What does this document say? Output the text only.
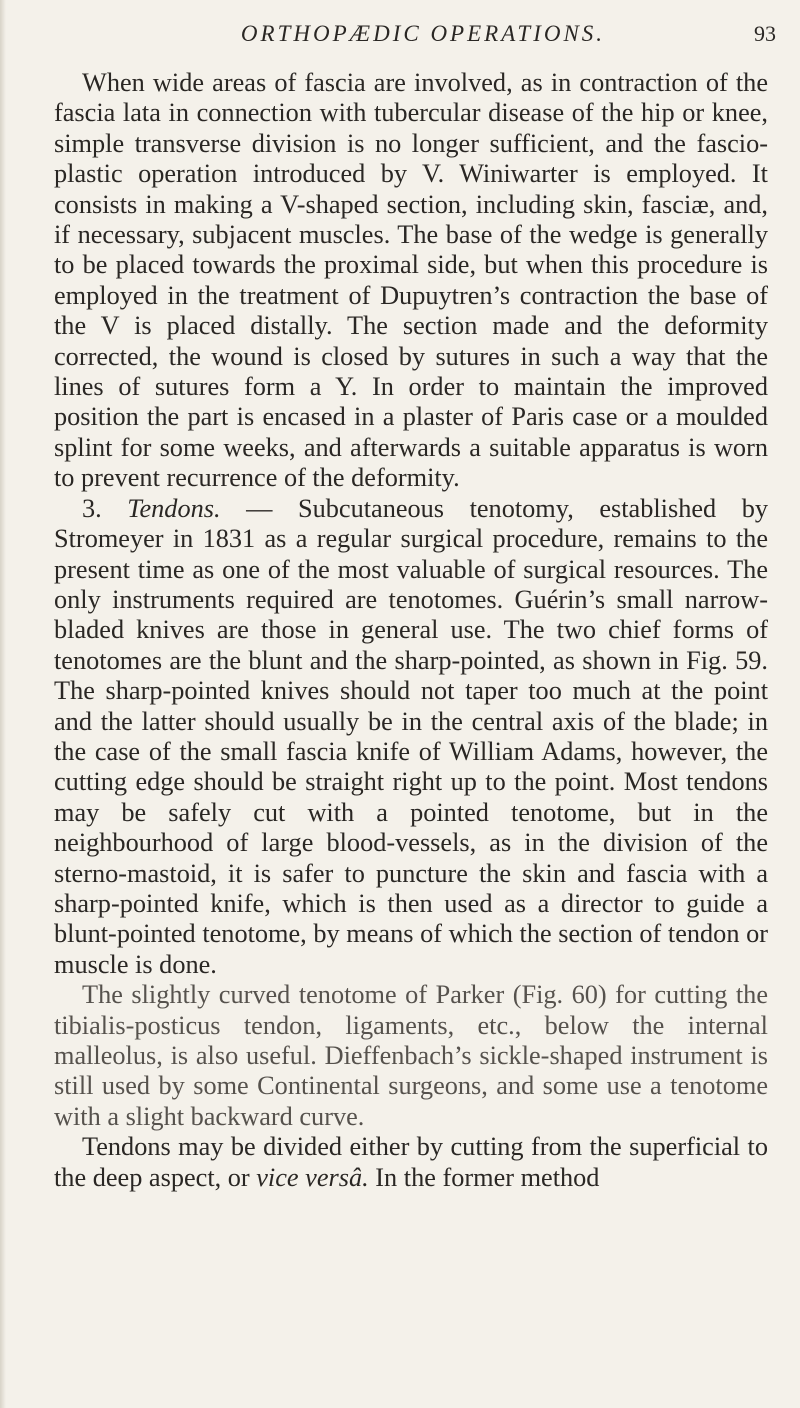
ORTHOPÆDIC OPERATIONS.	93

When wide areas of fascia are involved, as in contraction of the fascia lata in connection with tubercular disease of the hip or knee, simple transverse division is no longer sufficient, and the fascio-plastic operation introduced by V. Winiwarter is employed. It consists in making a V-shaped section, including skin, fasciæ, and, if necessary, subjacent muscles. The base of the wedge is generally to be placed towards the proximal side, but when this procedure is employed in the treatment of Dupuytren’s contraction the base of the V is placed distally. The section made and the deformity corrected, the wound is closed by sutures in such a way that the lines of sutures form a Y. In order to maintain the improved position the part is encased in a plaster of Paris case or a moulded splint for some weeks, and afterwards a suitable apparatus is worn to prevent recurrence of the deformity.

3. Tendons. — Subcutaneous tenotomy, established by Stromeyer in 1831 as a regular surgical procedure, remains to the present time as one of the most valuable of surgical resources. The only instruments required are tenotomes. Guérin’s small narrow-bladed knives are those in general use. The two chief forms of tenotomes are the blunt and the sharp-pointed, as shown in Fig. 59. The sharp-pointed knives should not taper too much at the point and the latter should usually be in the central axis of the blade; in the case of the small fascia knife of William Adams, however, the cutting edge should be straight right up to the point. Most tendons may be safely cut with a pointed tenotome, but in the neighbourhood of large blood-vessels, as in the division of the sterno-mastoid, it is safer to puncture the skin and fascia with a sharp-pointed knife, which is then used as a director to guide a blunt-pointed tenotome, by means of which the section of tendon or muscle is done.

The slightly curved tenotome of Parker (Fig. 60) for cutting the tibialis-posticus tendon, ligaments, etc., below the internal malleolus, is also useful. Dieffenbach’s sickle-shaped instrument is still used by some Continental surgeons, and some use a tenotome with a slight backward curve.

Tendons may be divided either by cutting from the superficial to the deep aspect, or vice versâ. In the former method
